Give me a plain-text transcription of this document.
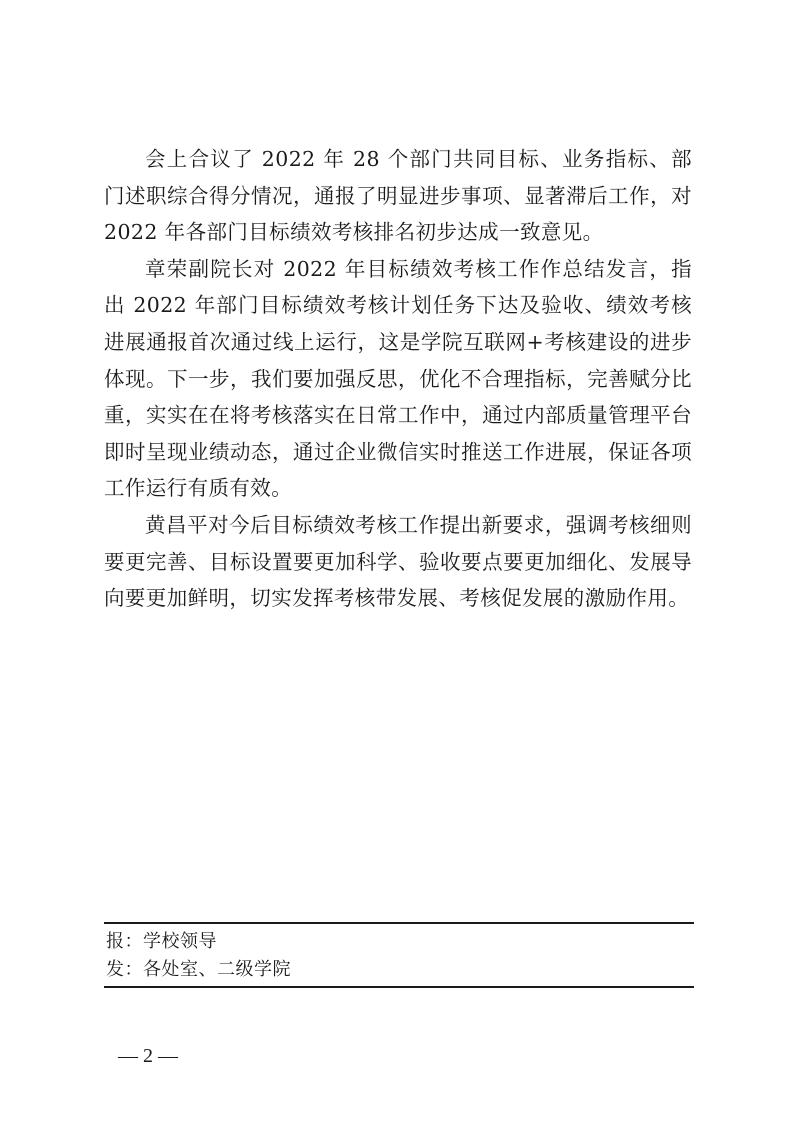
会上合议了 2022 年 28 个部门共同目标、业务指标、部门述职综合得分情况，通报了明显进步事项、显著滞后工作，对 2022 年各部门目标绩效考核排名初步达成一致意见。

章荣副院长对 2022 年目标绩效考核工作作总结发言，指出 2022 年部门目标绩效考核计划任务下达及验收、绩效考核进展通报首次通过线上运行，这是学院互联网+考核建设的进步体现。下一步，我们要加强反思，优化不合理指标，完善赋分比重，实实在在将考核落实在日常工作中，通过内部质量管理平台即时呈现业绩动态，通过企业微信实时推送工作进展，保证各项工作运行有质有效。

黄昌平对今后目标绩效考核工作提出新要求，强调考核细则要更完善、目标设置要更加科学、验收要点要更加细化、发展导向要更加鲜明，切实发挥考核带发展、考核促发展的激励作用。

报：学校领导
发：各处室、二级学院
— 2 —
